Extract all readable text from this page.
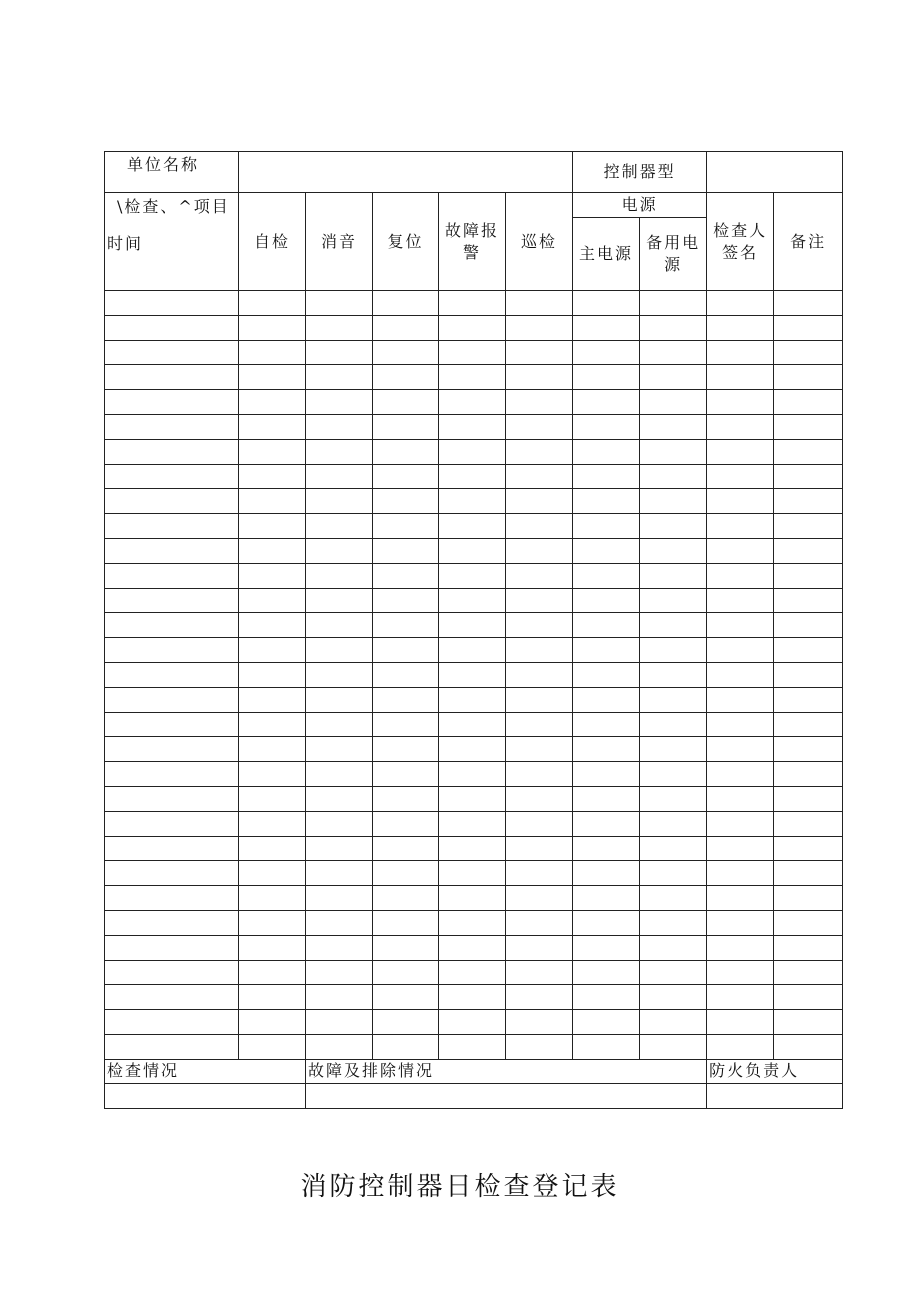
单位名称						控制器型			

\检查、^项目
时间	自检	消音	复位	故障报警	巡检	电源		检查人签名	备注
						主电源	备用电源		

检查情况		故障及排除情况						防火负责人	

消防控制器日检查登记表
